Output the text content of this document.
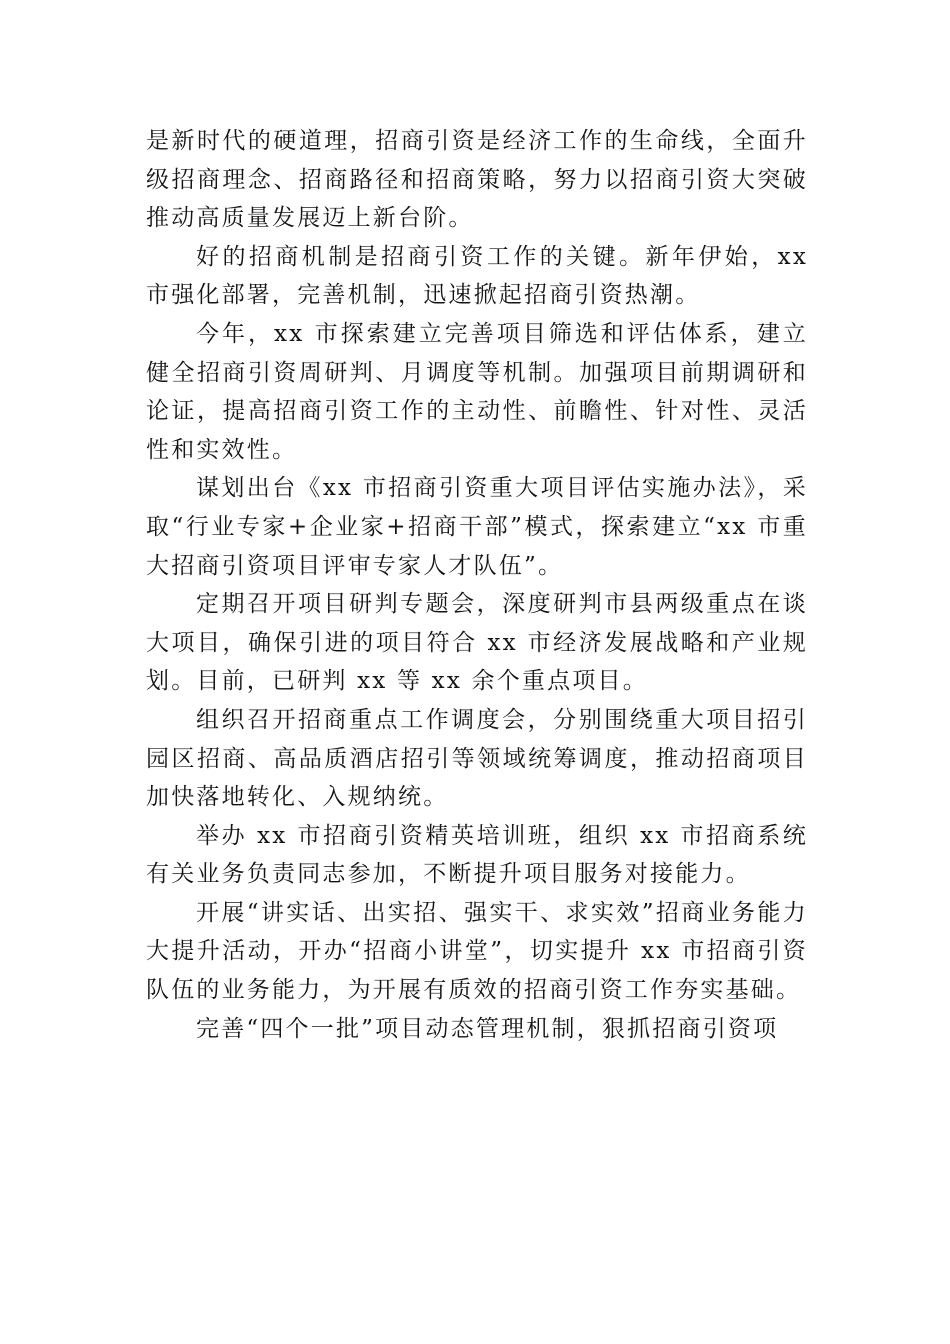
是新时代的硬道理，招商引资是经济工作的生命线，全面升级招商理念、招商路径和招商策略，努力以招商引资大突破推动高质量发展迈上新台阶。

好的招商机制是招商引资工作的关键。新年伊始，xx 市强化部署，完善机制，迅速掀起招商引资热潮。

今年，xx 市探索建立完善项目筛选和评估体系，建立健全招商引资周研判、月调度等机制。加强项目前期调研和论证，提高招商引资工作的主动性、前瞻性、针对性、灵活性和实效性。

谋划出台《xx 市招商引资重大项目评估实施办法》，采取“行业专家+企业家+招商干部”模式，探索建立“xx 市重大招商引资项目评审专家人才队伍”。

定期召开项目研判专题会，深度研判市县两级重点在谈大项目，确保引进的项目符合 xx 市经济发展战略和产业规划。目前，已研判 xx 等 xx 余个重点项目。

组织召开招商重点工作调度会，分别围绕重大项目招引园区招商、高品质酒店招引等领域统筹调度，推动招商项目加快落地转化、入规纳统。

举办 xx 市招商引资精英培训班，组织 xx 市招商系统有关业务负责同志参加，不断提升项目服务对接能力。

开展“讲实话、出实招、强实干、求实效”招商业务能力大提升活动，开办“招商小讲堂”，切实提升 xx 市招商引资队伍的业务能力，为开展有质效的招商引资工作夯实基础。

完善“四个一批”项目动态管理机制，狠抓招商引资项
